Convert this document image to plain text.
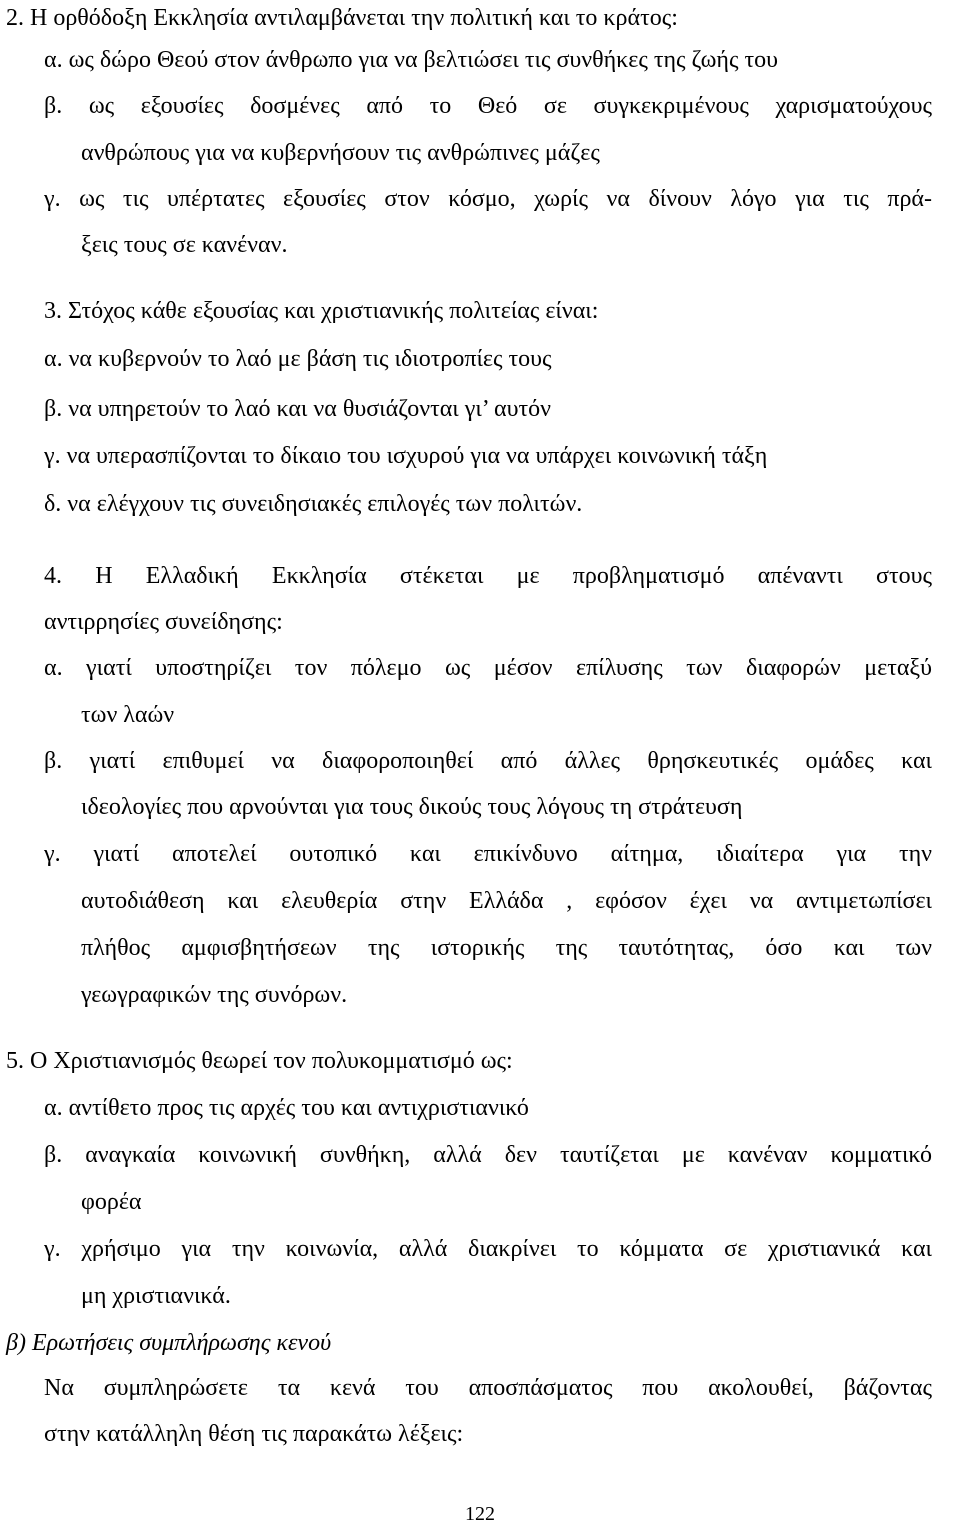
2. Η ορθόδοξη Εκκλησία αντιλαμβάνεται την πολιτική και το κράτος:

α. ως δώρο Θεού στον άνθρωπο για να βελτιώσει τις συνθήκες της ζωής του

β. ως εξουσίες δοσμένες από το Θεό σε συγκεκριμένους χαρισματούχους

ανθρώπους για να κυβερνήσουν τις ανθρώπινες μάζες

γ. ως τις υπέρτατες εξουσίες στον κόσμο, χωρίς να δίνουν λόγο για τις πρά-

ξεις τους σε κανέναν.

3. Στόχος κάθε εξουσίας και χριστιανικής πολιτείας είναι:

α. να κυβερνούν το λαό με βάση τις ιδιοτροπίες τους

β. να υπηρετούν το λαό και να θυσιάζονται γι’ αυτόν

γ. να υπερασπίζονται το δίκαιο του ισχυρού για να υπάρχει κοινωνική τάξη

δ. να ελέγχουν τις συνειδησιακές επιλογές των πολιτών.

4. Η Ελλαδική Εκκλησία στέκεται με προβληματισμό απέναντι στους

αντιρρησίες συνείδησης:

α. γιατί υποστηρίζει τον πόλεμο ως μέσον επίλυσης των διαφορών μεταξύ

των λαών

β. γιατί επιθυμεί να διαφοροποιηθεί από άλλες θρησκευτικές ομάδες και

ιδεολογίες που αρνούνται για τους δικούς τους λόγους τη στράτευση

γ. γιατί αποτελεί ουτοπικό και επικίνδυνο αίτημα, ιδιαίτερα για την

αυτοδιάθεση και ελευθερία στην Ελλάδα , εφόσον έχει να αντιμετωπίσει

πλήθος αμφισβητήσεων της ιστορικής της ταυτότητας, όσο και των

γεωγραφικών της συνόρων.

5. Ο Χριστιανισμός θεωρεί τον πολυκομματισμό ως:

α. αντίθετο προς τις αρχές του και αντιχριστιανικό

β. αναγκαία κοινωνική συνθήκη, αλλά δεν ταυτίζεται με κανέναν κομματικό

φορέα

γ. χρήσιμο για την κοινωνία, αλλά διακρίνει το κόμματα σε χριστιανικά και

μη χριστιανικά.

β) Ερωτήσεις συμπλήρωσης κενού

Να συμπληρώσετε τα κενά του αποσπάσματος που ακολουθεί, βάζοντας

στην κατάλληλη θέση τις παρακάτω λέξεις:

122
